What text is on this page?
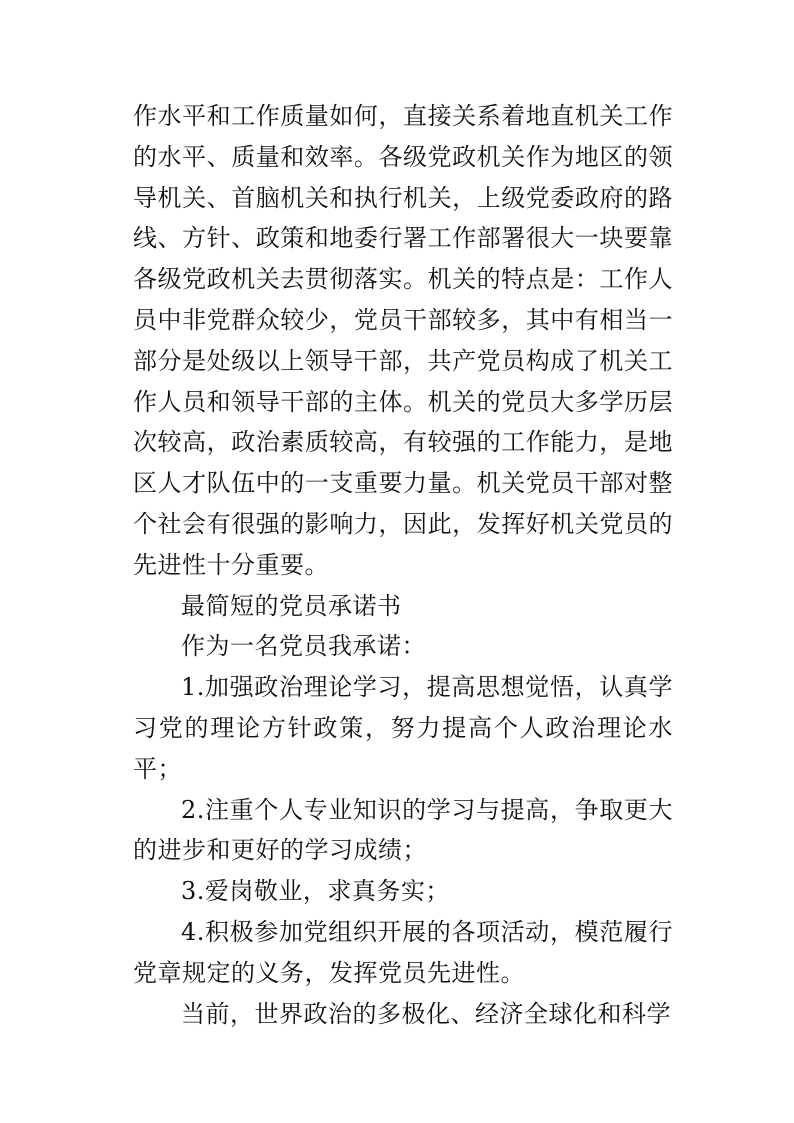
作水平和工作质量如何，直接关系着地直机关工作的水平、质量和效率。各级党政机关作为地区的领导机关、首脑机关和执行机关，上级党委政府的路线、方针、政策和地委行署工作部署很大一块要靠各级党政机关去贯彻落实。机关的特点是：工作人员中非党群众较少，党员干部较多，其中有相当一部分是处级以上领导干部，共产党员构成了机关工作人员和领导干部的主体。机关的党员大多学历层次较高，政治素质较高，有较强的工作能力，是地区人才队伍中的一支重要力量。机关党员干部对整个社会有很强的影响力，因此，发挥好机关党员的先进性十分重要。

最简短的党员承诺书

作为一名党员我承诺：

1.加强政治理论学习，提高思想觉悟，认真学习党的理论方针政策，努力提高个人政治理论水平；

2.注重个人专业知识的学习与提高，争取更大的进步和更好的学习成绩；

3.爱岗敬业，求真务实；

4.积极参加党组织开展的各项活动，模范履行党章规定的义务，发挥党员先进性。

当前，世界政治的多极化、经济全球化和科学
